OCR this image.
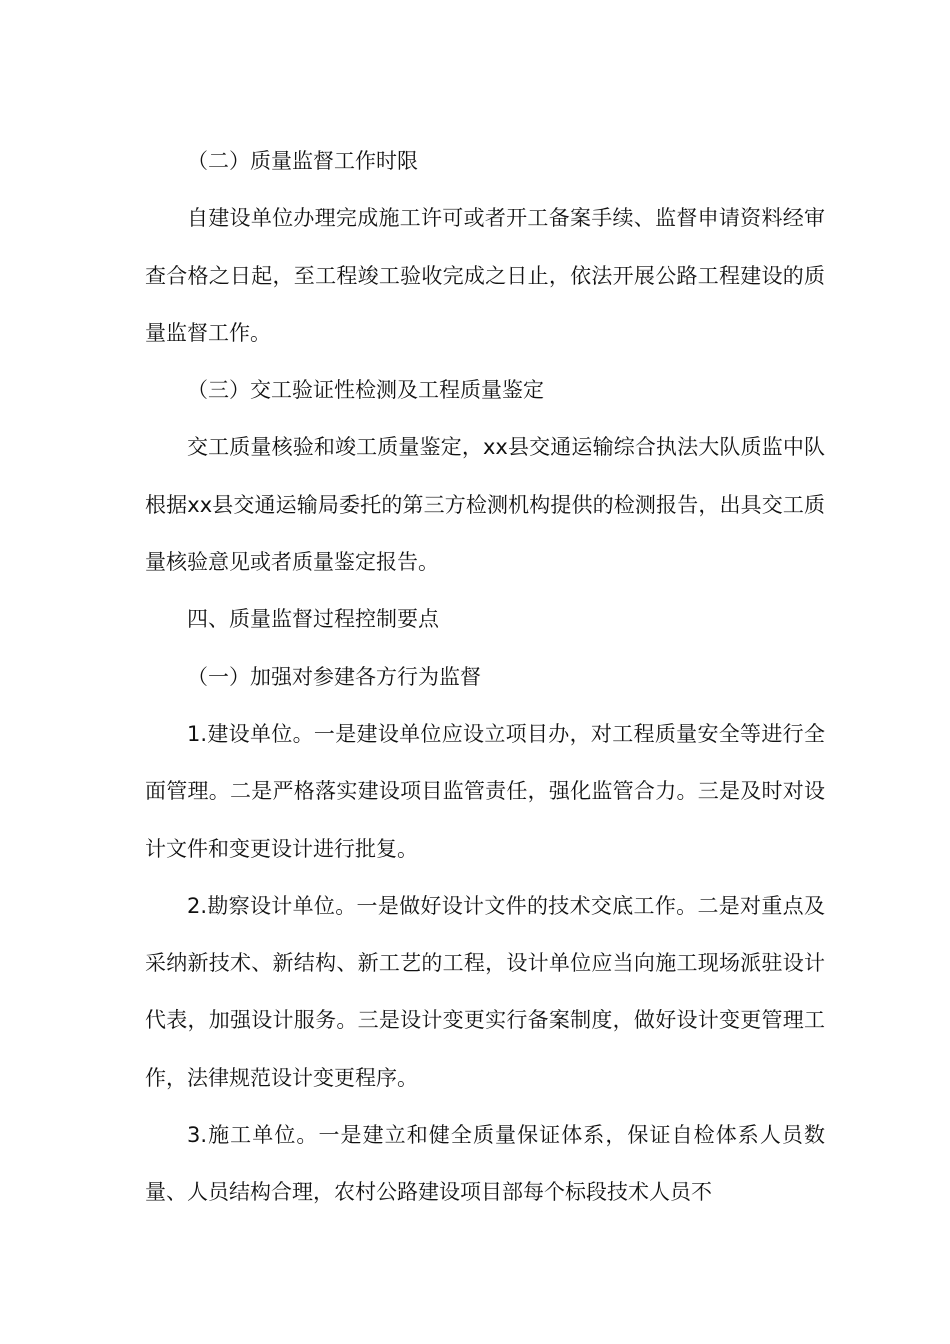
（二）质量监督工作时限

自建设单位办理完成施工许可或者开工备案手续、监督申请资料经审查合格之日起，至工程竣工验收完成之日止，依法开展公路工程建设的质量监督工作。

（三）交工验证性检测及工程质量鉴定

交工质量核验和竣工质量鉴定，xx县交通运输综合执法大队质监中队根据xx县交通运输局委托的第三方检测机构提供的检测报告，出具交工质量核验意见或者质量鉴定报告。

四、质量监督过程控制要点

（一）加强对参建各方行为监督

1.建设单位。一是建设单位应设立项目办，对工程质量安全等进行全面管理。二是严格落实建设项目监管责任，强化监管合力。三是及时对设计文件和变更设计进行批复。

2.勘察设计单位。一是做好设计文件的技术交底工作。二是对重点及采纳新技术、新结构、新工艺的工程，设计单位应当向施工现场派驻设计代表，加强设计服务。三是设计变更实行备案制度，做好设计变更管理工作，法律规范设计变更程序。

3.施工单位。一是建立和健全质量保证体系，保证自检体系人员数量、人员结构合理，农村公路建设项目部每个标段技术人员不
